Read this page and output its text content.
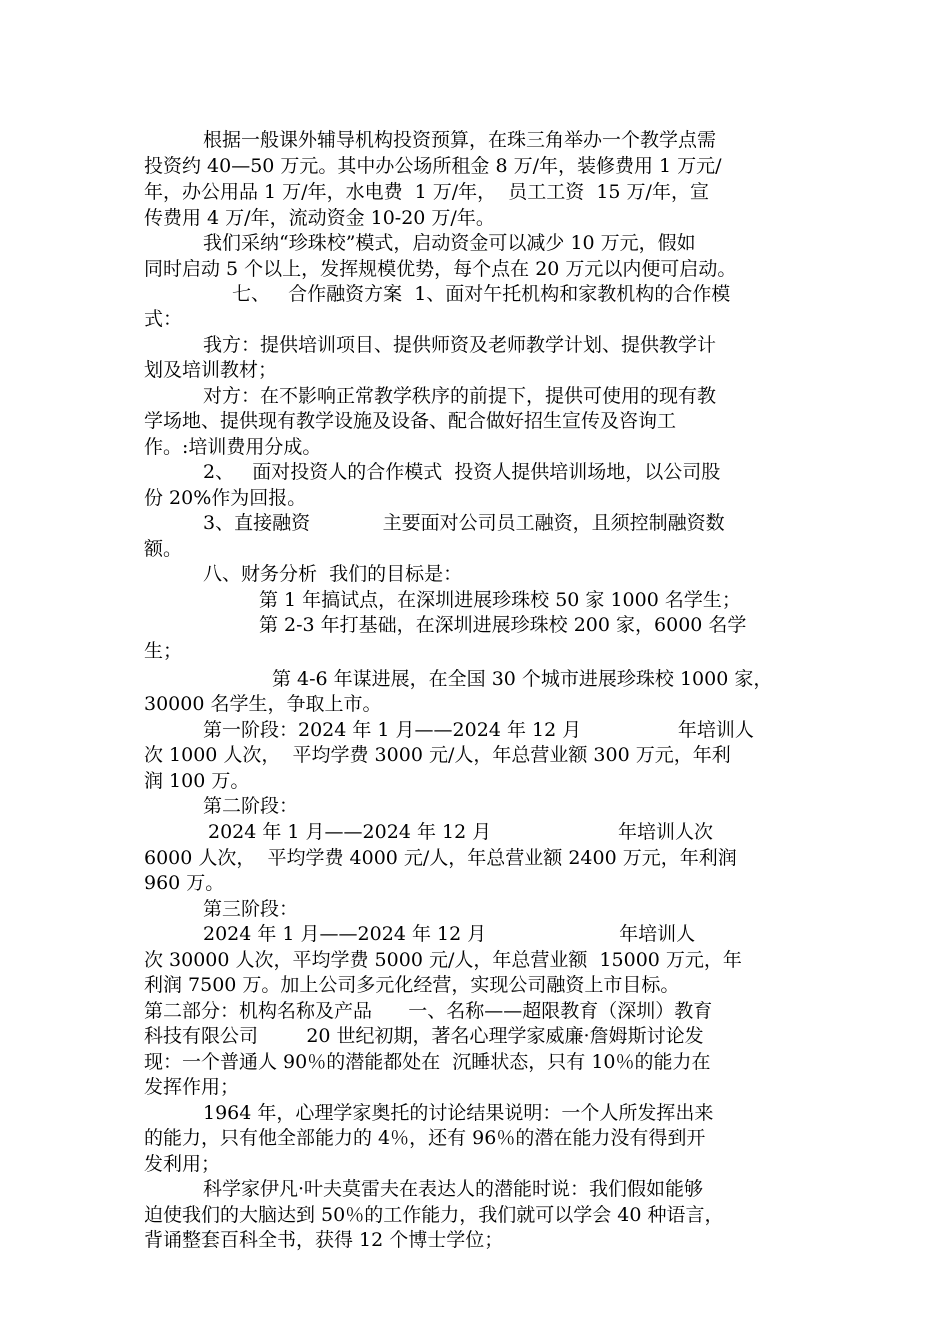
根据一般课外辅导机构投资预算，在珠三角举办一个教学点需
投资约 40—50 万元。其中办公场所租金 8 万/年，装修费用 1 万元/
年，办公用品 1 万/年，水电费  1 万/年，  员工工资  15 万/年，宣
传费用 4 万/年，流动资金 10-20 万/年。
我们采纳“珍珠校”模式，启动资金可以减少 10 万元，假如
同时启动 5 个以上，发挥规模优势，每个点在 20 万元以内便可启动。
七、   合作融资方案  1、面对午托机构和家教机构的合作模
式：
我方：提供培训项目、提供师资及老师教学计划、提供教学计
划及培训教材；
对方：在不影响正常教学秩序的前提下，提供可使用的现有教
学场地、提供现有教学设施及设备、配合做好招生宣传及咨询工
作。:培训费用分成。
2、   面对投资人的合作模式  投资人提供培训场地，以公司股
份 20%作为回报。
3、直接融资            主要面对公司员工融资，且须控制融资数
额。
八、财务分析  我们的目标是：
第 1 年搞试点，在深圳进展珍珠校 50 家 1000 名学生；
第 2-3 年打基础，在深圳进展珍珠校 200 家，6000 名学
生；
第 4-6 年谋进展，在全国 30 个城市进展珍珠校 1000 家，
30000 名学生，争取上市。
第一阶段：2024 年 1 月——2024 年 12 月                年培训人
次 1000 人次，  平均学费 3000 元/人，年总营业额 300 万元，年利
润 100 万。
第二阶段：
2024 年 1 月——2024 年 12 月                     年培训人次
6000 人次，  平均学费 4000 元/人，年总营业额 2400 万元，年利润
960 万。
第三阶段：
2024 年 1 月——2024 年 12 月                      年培训人
次 30000 人次，平均学费 5000 元/人，年总营业额  15000 万元，年
利润 7500 万。加上公司多元化经营，实现公司融资上市目标。
第二部分：机构名称及产品      一、名称——超限教育（深圳）教育
科技有限公司        20 世纪初期，著名心理学家威廉·詹姆斯讨论发
现：一个普通人 90％的潜能都处在  沉睡状态，只有 10％的能力在
发挥作用；
1964 年，心理学家奥托的讨论结果说明：一个人所发挥出来
的能力，只有他全部能力的 4％，还有 96％的潜在能力没有得到开
发利用；
科学家伊凡·叶夫莫雷夫在表达人的潜能时说：我们假如能够
迫使我们的大脑达到 50％的工作能力，我们就可以学会 40 种语言，
背诵整套百科全书，获得 12 个博士学位；
